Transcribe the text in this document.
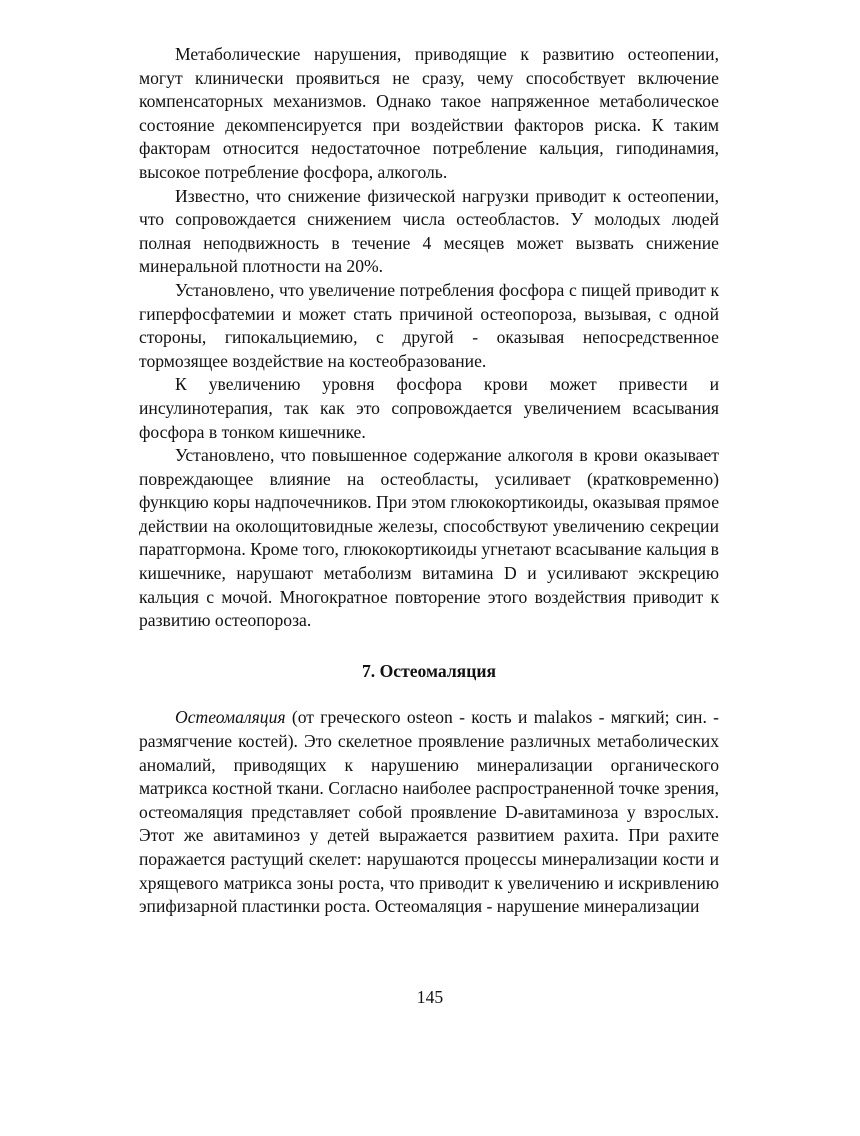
Метаболические нарушения, приводящие к развитию остеопении, могут клинически проявиться не сразу, чему способствует включение компенсаторных механизмов. Однако такое напряженное метаболическое состояние декомпенсируется при воздействии факторов риска. К таким факторам относится недостаточное потребление кальция, гиподинамия, высокое потребление фосфора, алкоголь.

Известно, что снижение физической нагрузки приводит к остеопении, что сопровождается снижением числа остеобластов. У молодых людей полная неподвижность в течение 4 месяцев может вызвать снижение минеральной плотности на 20%.

Установлено, что увеличение потребления фосфора с пищей приводит к гиперфосфатемии и может стать причиной остеопороза, вызывая, с одной стороны, гипокальциемию, с другой - оказывая непосредственное тормозящее воздействие на костеобразование.

К увеличению уровня фосфора крови может привести и инсулинотерапия, так как это сопровождается увеличением всасывания фосфора в тонком кишечнике.

Установлено, что повышенное содержание алкоголя в крови оказывает повреждающее влияние на остеобласты, усиливает (кратковременно) функцию коры надпочечников. При этом глюкокортикоиды, оказывая прямое действии на околощитовидные железы, способствуют увеличению секреции паратгормона. Кроме того, глюкокортикоиды угнетают всасывание кальция в кишечнике, нарушают метаболизм витамина D и усиливают экскрецию кальция с мочой. Многократное повторение этого воздействия приводит к развитию остеопороза.

7. Остеомаляция

Остеомаляция (от греческого osteon - кость и malakos - мягкий; син. - размягчение костей). Это скелетное проявление различных метаболических аномалий, приводящих к нарушению минерализации органического матрикса костной ткани. Согласно наиболее распространенной точке зрения, остеомаляция представляет собой проявление D-авитаминоза у взрослых. Этот же авитаминоз у детей выражается развитием рахита. При рахите поражается растущий скелет: нарушаются процессы минерализации кости и хрящевого матрикса зоны роста, что приводит к увеличению и искривлению эпифизарной пластинки роста. Остеомаляция - нарушение минерализации

145
